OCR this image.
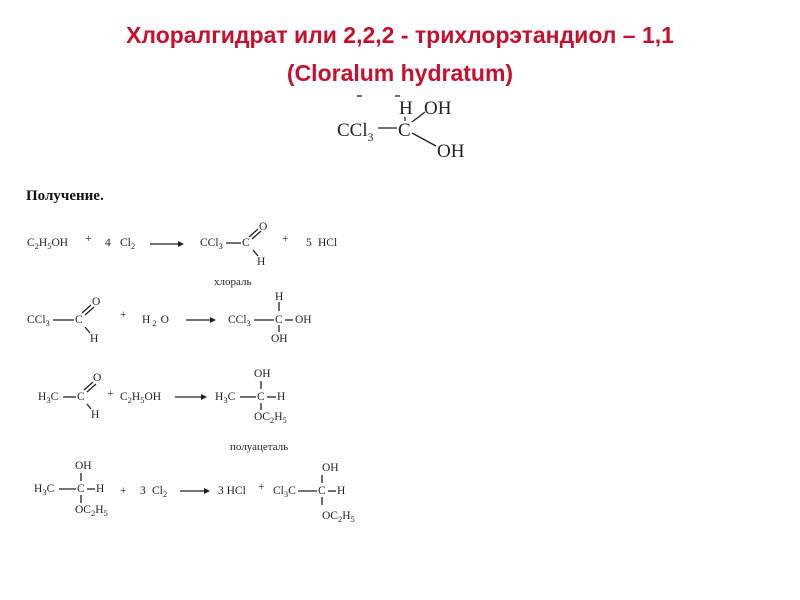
Хлоралгидрат или 2,2,2 - трихлорэтандиол – 1,1
(Cloralum hydratum)
CCl$_3$ C
H OH
OH
$C_2H_5OH + 4$ $Cl_2$	CCl$_3$ C
O
H
+ 5 HCl
хлораль
CCl$_3$ C
O
H
+ H $_2$ O	CCl$_3$ C
H
OH
OH
$H_3C$ C
O
H
+ $C_2H_5OH$	$H_3C$ C
OH
H
$OC_2H_5$
полуацеталь
$H_3C$ C
OH
H
$OC_2H_5$
+ 3 $Cl_2$	3 HCl + $Cl_3C$ C
OH
H
$OC_2H_5$
Получение.
